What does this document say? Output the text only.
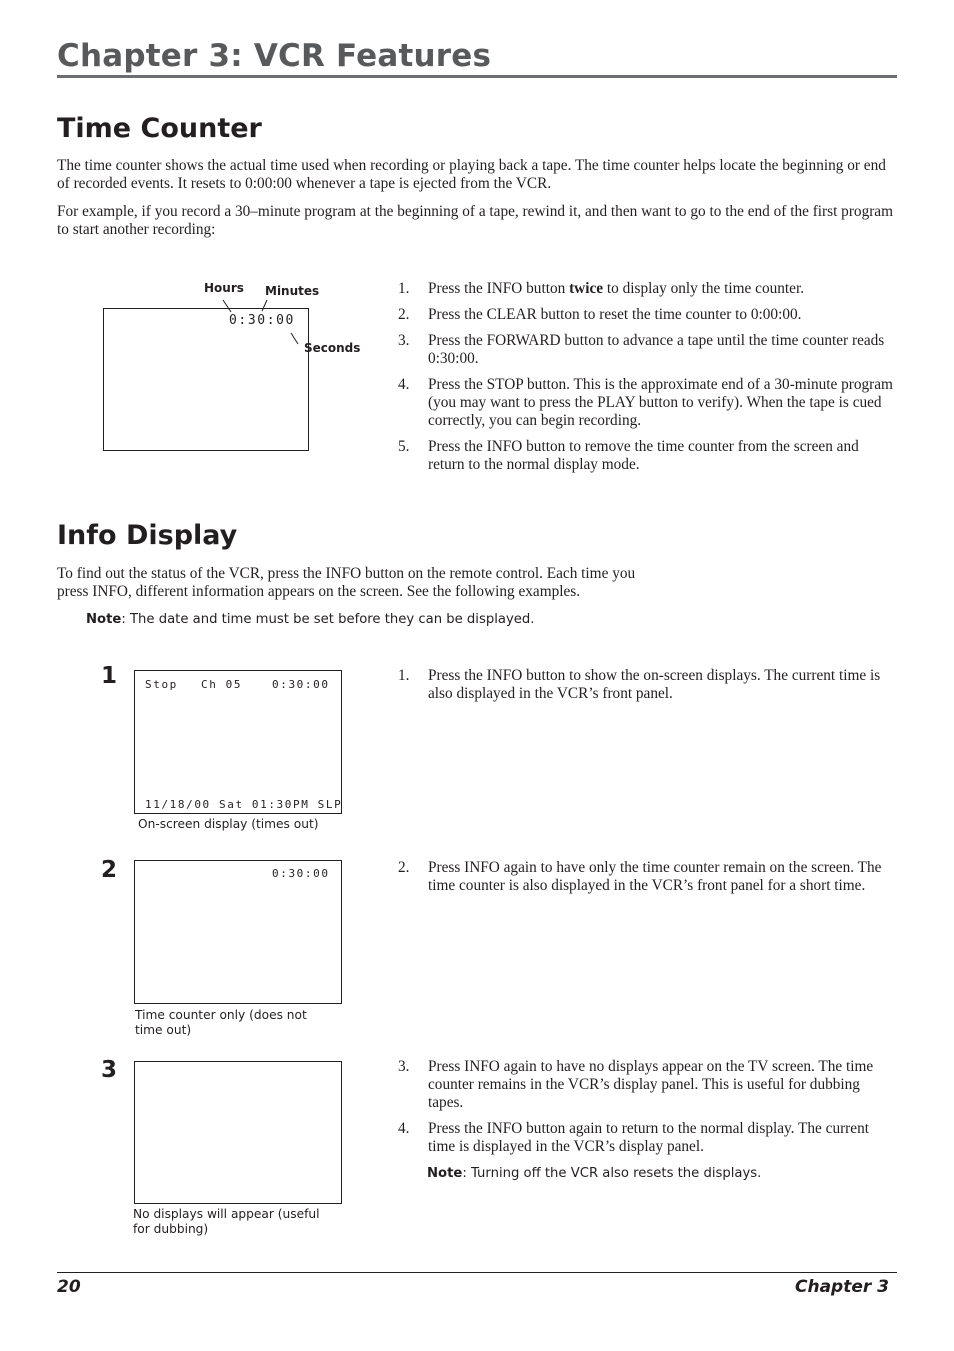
Chapter 3: VCR Features
Time Counter

The time counter shows the actual time used when recording or playing back a tape. The time counter helps locate the beginning or end of recorded events. It resets to 0:00:00 whenever a tape is ejected from the VCR.

For example, if you record a 30–minute program at the beginning of a tape, rewind it, and then want to go to the end of the first program to start another recording:

Hours Minutes
Seconds
0:30:00
1. Press the INFO button twice to display only the time counter.
2. Press the CLEAR button to reset the time counter to 0:00:00.
3. Press the FORWARD button to advance a tape until the time counter reads 0:30:00.
4. Press the STOP button. This is the approximate end of a 30-minute program (you may want to press the PLAY button to verify). When the tape is cued correctly, you can begin recording.
5. Press the INFO button to remove the time counter from the screen and return to the normal display mode.
Info Display
To find out the status of the VCR, press the INFO button on the remote control. Each time you
press INFO, different information appears on the screen. See the following examples.

Note: The date and time must be set before they can be displayed.

1	Stop Ch 05	0:30:00
11/18/00 Sat 01:30PM SLP
On-screen display (times out)
1. Press the INFO button to show the on-screen displays. The current time is also displayed in the VCR’s front panel.
2	0:30:00
Time counter only (does not time out)
2. Press INFO again to have only the time counter remain on the screen. The time counter is also displayed in the VCR’s front panel for a short time.
3
No displays will appear (useful for dubbing)
3. Press INFO again to have no displays appear on the TV screen. The time counter remains in the VCR’s display panel. This is useful for dubbing tapes.
4. Press the INFO button again to return to the normal display. The current time is displayed in the VCR’s display panel.

Note: Turning off the VCR also resets the displays.

20	Chapter 3
